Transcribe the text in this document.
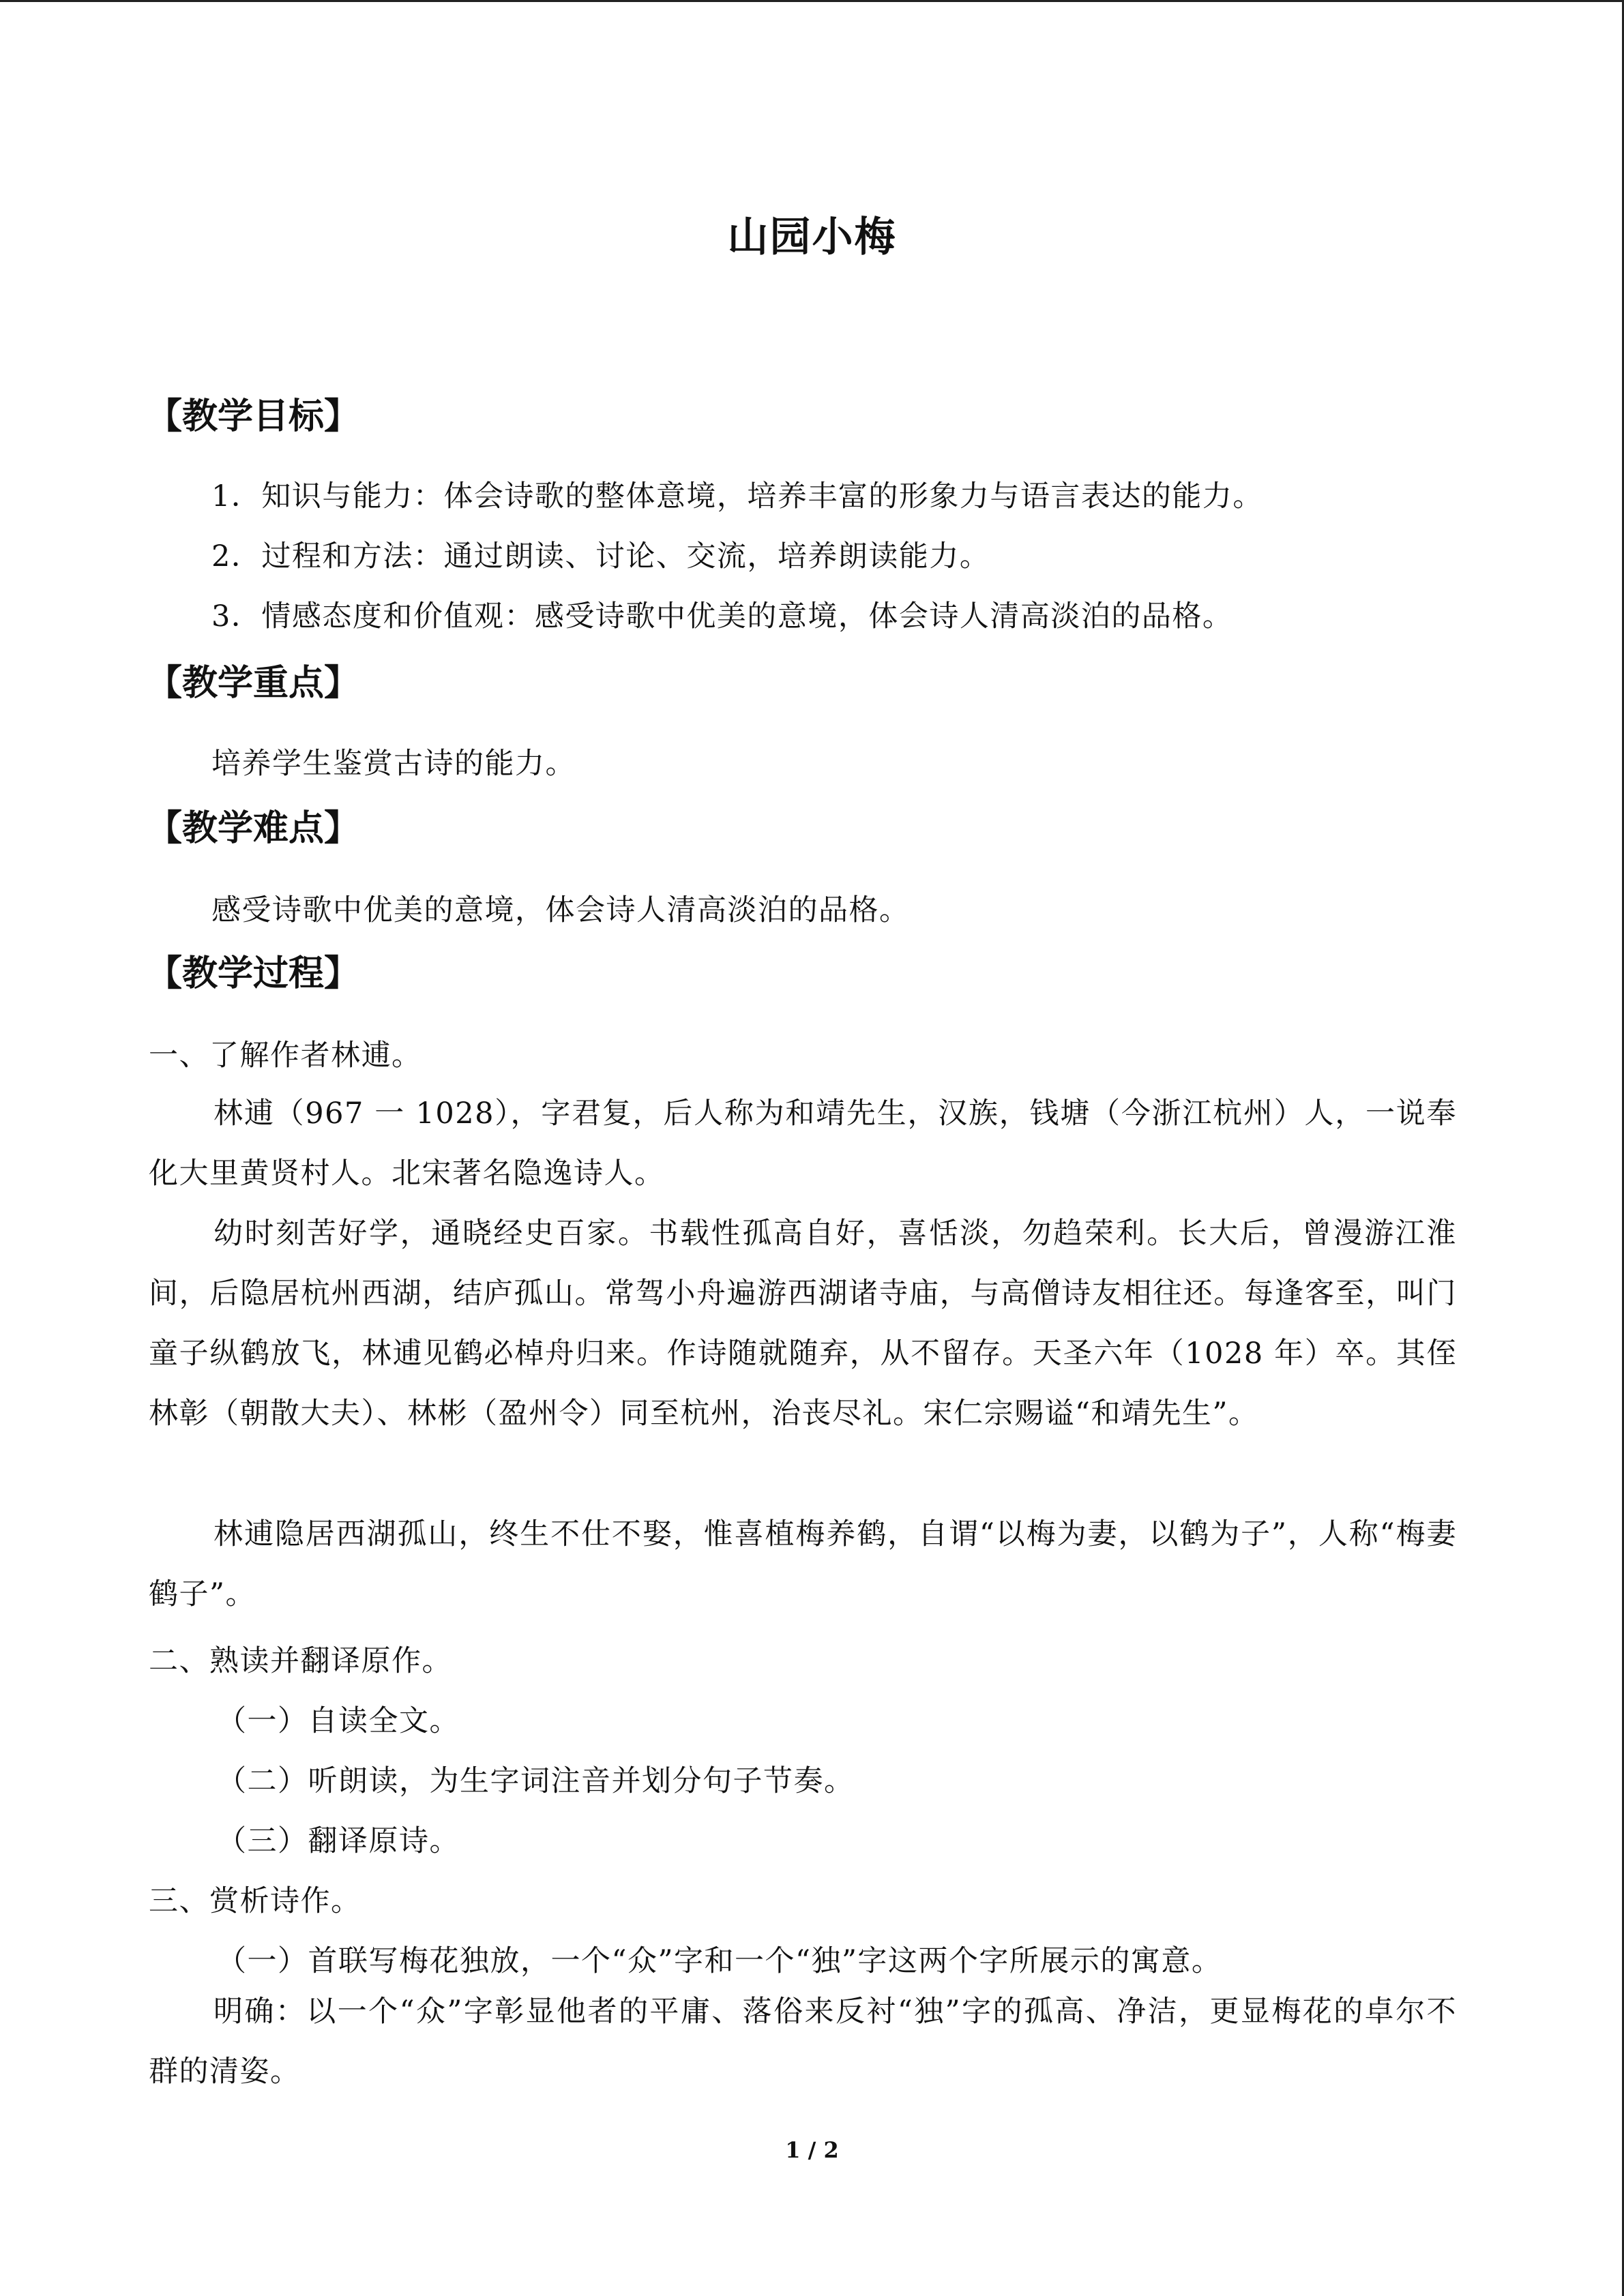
山园小梅
【教学目标】
1．知识与能力：体会诗歌的整体意境，培养丰富的形象力与语言表达的能力。
2．过程和方法：通过朗读、讨论、交流，培养朗读能力。
3．情感态度和价值观：感受诗歌中优美的意境，体会诗人清高淡泊的品格。
【教学重点】
培养学生鉴赏古诗的能力。
【教学难点】
感受诗歌中优美的意境，体会诗人清高淡泊的品格。
【教学过程】
一、了解作者林逋。
林逋（967 一 1028），字君复，后人称为和靖先生，汉族，钱塘（今浙江杭州）人，一说奉化大里黄贤村人。北宋著名隐逸诗人。
幼时刻苦好学，通晓经史百家。书载性孤高自好，喜恬淡，勿趋荣利。长大后，曾漫游江淮间，后隐居杭州西湖，结庐孤山。常驾小舟遍游西湖诸寺庙，与高僧诗友相往还。每逢客至，叫门童子纵鹤放飞，林逋见鹤必棹舟归来。作诗随就随弃，从不留存。天圣六年（1028 年）卒。其侄林彰（朝散大夫）、林彬（盈州令）同至杭州，治丧尽礼。宋仁宗赐谥“和靖先生”。
林逋隐居西湖孤山，终生不仕不娶，惟喜植梅养鹤，自谓“以梅为妻，以鹤为子”，人称“梅妻鹤子”。
二、熟读并翻译原作。
（一）自读全文。
（二）听朗读，为生字词注音并划分句子节奏。
（三）翻译原诗。
三、赏析诗作。
（一）首联写梅花独放，一个“众”字和一个“独”字这两个字所展示的寓意。
明确：以一个“众”字彰显他者的平庸、落俗来反衬“独”字的孤高、净洁，更显梅花的卓尔不群的清姿。
1 / 2
